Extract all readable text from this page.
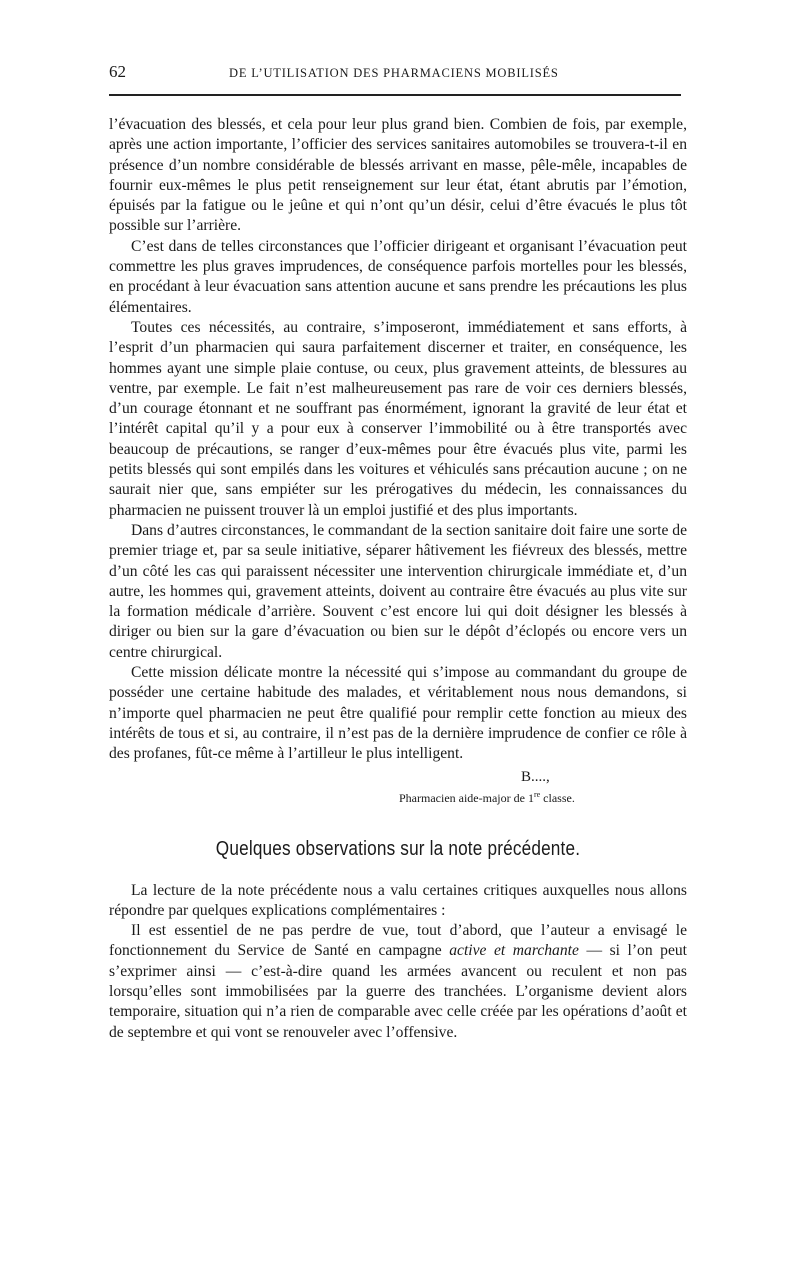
62	DE L’UTILISATION DES PHARMACIENS MOBILISÉS

l’évacuation des blessés, et cela pour leur plus grand bien. Combien de fois, par exemple, après une action importante, l’officier des services sanitaires automobiles se trouvera-t-il en présence d’un nombre considérable de blessés arrivant en masse, pêle-mêle, incapables de fournir eux-mêmes le plus petit renseignement sur leur état, étant abrutis par l’émotion, épuisés par la fatigue ou le jeûne et qui n’ont qu’un désir, celui d’être évacués le plus tôt possible sur l’arrière.

C’est dans de telles circonstances que l’officier dirigeant et organisant l’évacuation peut commettre les plus graves imprudences, de conséquence parfois mortelles pour les blessés, en procédant à leur évacuation sans attention aucune et sans prendre les précautions les plus élémentaires.

Toutes ces nécessités, au contraire, s’imposeront, immédiatement et sans efforts, à l’esprit d’un pharmacien qui saura parfaitement discerner et traiter, en conséquence, les hommes ayant une simple plaie contuse, ou ceux, plus gravement atteints, de blessures au ventre, par exemple. Le fait n’est malheureusement pas rare de voir ces derniers blessés, d’un courage étonnant et ne souffrant pas énormément, ignorant la gravité de leur état et l’intérêt capital qu’il y a pour eux à conserver l’immobilité ou à être transportés avec beaucoup de précautions, se ranger d’eux-mêmes pour être évacués plus vite, parmi les petits blessés qui sont empilés dans les voitures et véhiculés sans précaution aucune ; on ne saurait nier que, sans empiéter sur les prérogatives du médecin, les connaissances du pharmacien ne puissent trouver là un emploi justifié et des plus importants.

Dans d’autres circonstances, le commandant de la section sanitaire doit faire une sorte de premier triage et, par sa seule initiative, séparer hâtivement les fiévreux des blessés, mettre d’un côté les cas qui paraissent nécessiter une intervention chirurgicale immédiate et, d’un autre, les hommes qui, gravement atteints, doivent au contraire être évacués au plus vite sur la formation médicale d’arrière. Souvent c’est encore lui qui doit désigner les blessés à diriger ou bien sur la gare d’évacuation ou bien sur le dépôt d’éclopés ou encore vers un centre chirurgical.

Cette mission délicate montre la nécessité qui s’impose au commandant du groupe de posséder une certaine habitude des malades, et véritablement nous nous demandons, si n’importe quel pharmacien ne peut être qualifié pour remplir cette fonction au mieux des intérêts de tous et si, au contraire, il n’est pas de la dernière imprudence de confier ce rôle à des profanes, fût-ce même à l’artilleur le plus intelligent.

B....,
Pharmacien aide-major de 1re classe.
Quelques observations sur la note précédente.

La lecture de la note précédente nous a valu certaines critiques auxquelles nous allons répondre par quelques explications complémentaires :

Il est essentiel de ne pas perdre de vue, tout d’abord, que l’auteur a envisagé le fonctionnement du Service de Santé en campagne active et marchante — si l’on peut s’exprimer ainsi — c’est-à-dire quand les armées avancent ou reculent et non pas lorsqu’elles sont immobilisées par la guerre des tranchées. L’organisme devient alors temporaire, situation qui n’a rien de comparable avec celle créée par les opérations d’août et de septembre et qui vont se renouveler avec l’offensive.
